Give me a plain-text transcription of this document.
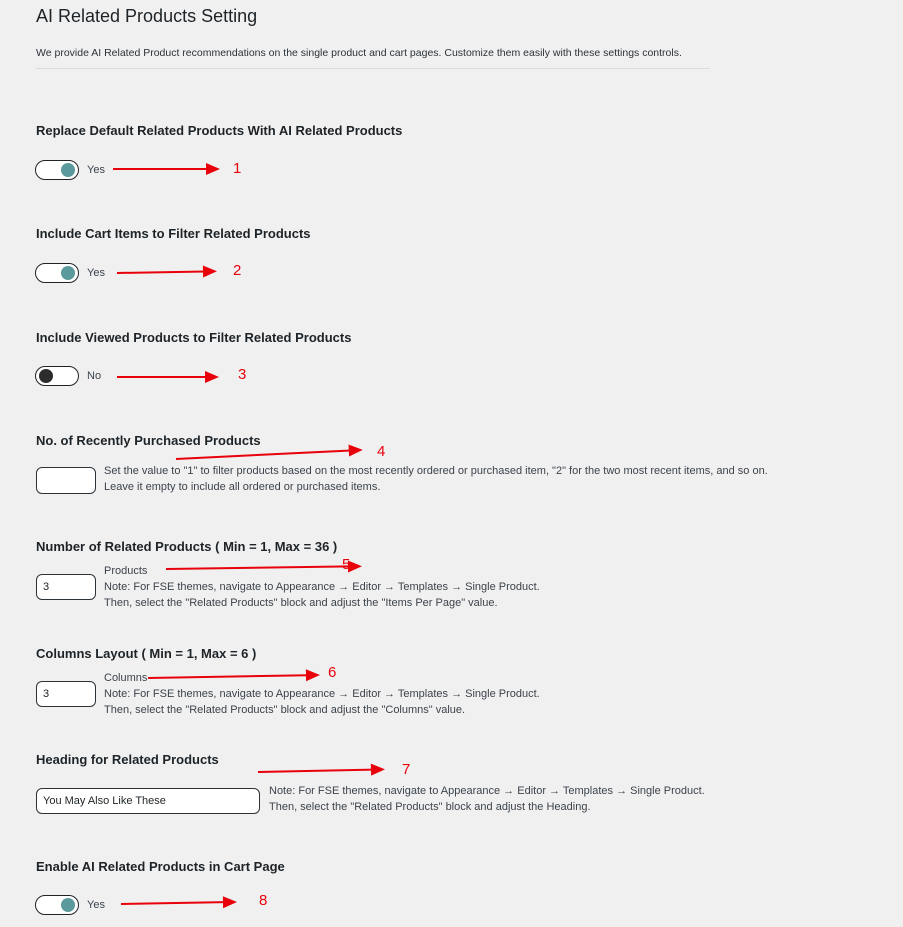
AI Related Products Setting

We provide AI Related Product recommendations on the single product and cart pages. Customize them easily with these settings controls.

Replace Default Related Products With AI Related Products
Yes
Include Cart Items to Filter Related Products
Yes
Include Viewed Products to Filter Related Products
No
No. of Recently Purchased Products
Set the value to "1" to filter products based on the most recently ordered or purchased item, "2" for the two most recent items, and so on.
Leave it empty to include all ordered or purchased items.
Number of Related Products ( Min = 1, Max = 36 )
3
Products
Note: For FSE themes, navigate to Appearance → Editor → Templates → Single Product.
Then, select the "Related Products" block and adjust the "Items Per Page" value.
Columns Layout ( Min = 1, Max = 6 )
3
Columns
Note: For FSE themes, navigate to Appearance → Editor → Templates → Single Product.
Then, select the "Related Products" block and adjust the "Columns" value.
Heading for Related Products
You May Also Like These
Note: For FSE themes, navigate to Appearance → Editor → Templates → Single Product.
Then, select the "Related Products" block and adjust the Heading.
Enable AI Related Products in Cart Page
Yes
1
2
3
4
5
6
7
8
